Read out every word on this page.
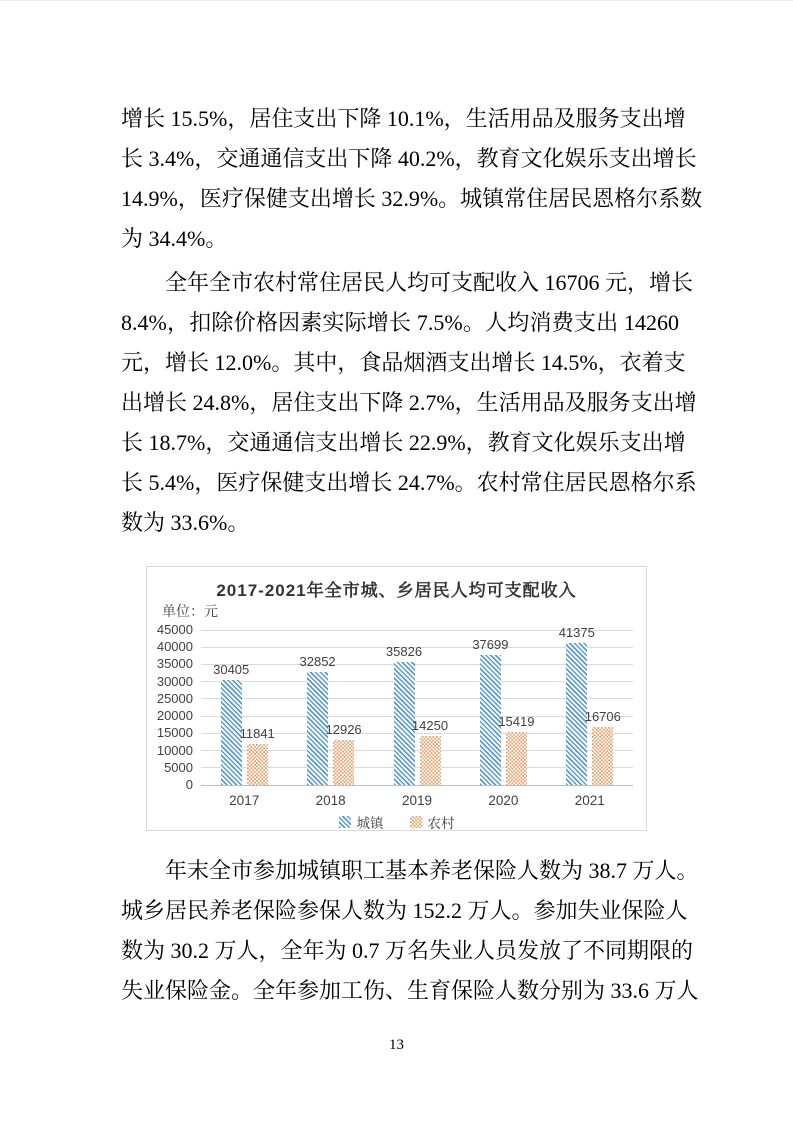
增长 15.5%，居住支出下降 10.1%，生活用品及服务支出增
长 3.4%，交通通信支出下降 40.2%，教育文化娱乐支出增长
14.9%，医疗保健支出增长 32.9%。城镇常住居民恩格尔系数
为 34.4%。
全年全市农村常住居民人均可支配收入 16706 元，增长
8.4%，扣除价格因素实际增长 7.5%。人均消费支出 14260
元，增长 12.0%。其中，食品烟酒支出增长 14.5%，衣着支
出增长 24.8%，居住支出下降 2.7%，生活用品及服务支出增
长 18.7%，交通通信支出增长 22.9%，教育文化娱乐支出增
长 5.4%，医疗保健支出增长 24.7%。农村常住居民恩格尔系
数为 33.6%。
2017-2021年全市城、乡居民人均可支配收入
单位：元
45000
40000
35000
30000
25000
20000
15000
10000
5000
0
30405
11841
32852
12926
35826
14250
37699
15419
41375
16706
2017	2018	2019	2020	2021
城镇	农村
年末全市参加城镇职工基本养老保险人数为 38.7 万人。
城乡居民养老保险参保人数为 152.2 万人。参加失业保险人
数为 30.2 万人，全年为 0.7 万名失业人员发放了不同期限的
失业保险金。全年参加工伤、生育保险人数分别为 33.6 万人
13
